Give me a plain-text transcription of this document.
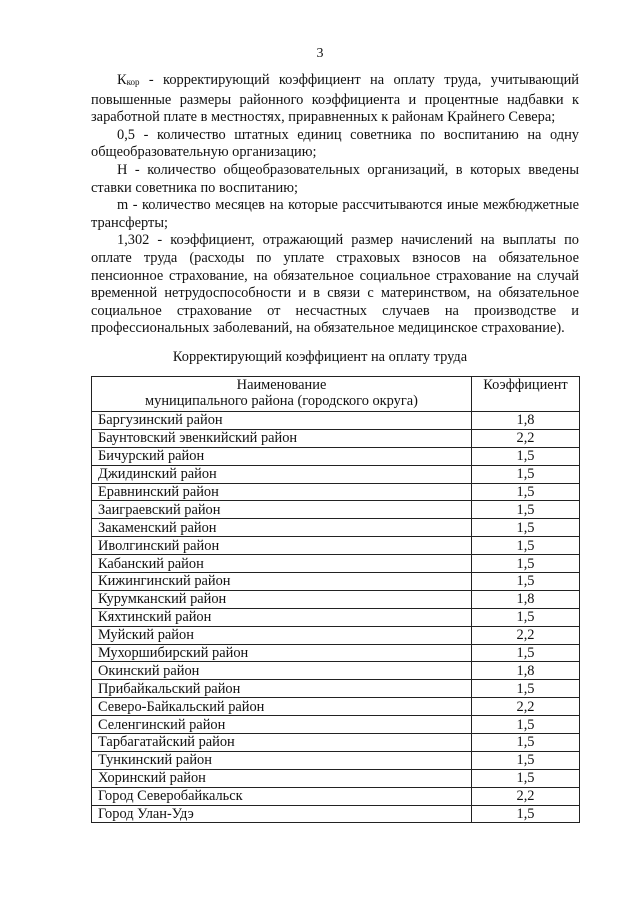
3

Ккор - корректирующий коэффициент на оплату труда, учитывающий повышенные размеры районного коэффициента и процентные надбавки к заработной плате в местностях, приравненных к районам Крайнего Севера;

0,5 - количество штатных единиц советника по воспитанию на одну общеобразовательную организацию;

Н - количество общеобразовательных организаций, в которых введены ставки советника по воспитанию;

m - количество месяцев на которые рассчитываются иные межбюджетные трансферты;

1,302 - коэффициент, отражающий размер начислений на выплаты по оплате труда (расходы по уплате страховых взносов на обязательное пенсионное страхование, на обязательное социальное страхование на случай временной нетрудоспособности и в связи с материнством, на обязательное социальное страхование от несчастных случаев на производстве и профессиональных заболеваний, на обязательное медицинское страхование).

Корректирующий коэффициент на оплату труда
Наименование
муниципального района (городского округа)	Коэффициент
Баргузинский район	1,8
Баунтовский эвенкийский район	2,2
Бичурский район	1,5
Джидинский район	1,5
Еравнинский район	1,5
Заиграевский район	1,5
Закаменский район	1,5
Иволгинский район	1,5
Кабанский район	1,5
Кижингинский район	1,5
Курумканский район	1,8
Кяхтинский район	1,5
Муйский район	2,2
Мухоршибирский район	1,5
Окинский район	1,8
Прибайкальский район	1,5
Северо-Байкальский район	2,2
Селенгинский район	1,5
Тарбагатайский район	1,5
Тункинский район	1,5
Хоринский район	1,5
Город Северобайкальск	2,2
Город Улан-Удэ	1,5
